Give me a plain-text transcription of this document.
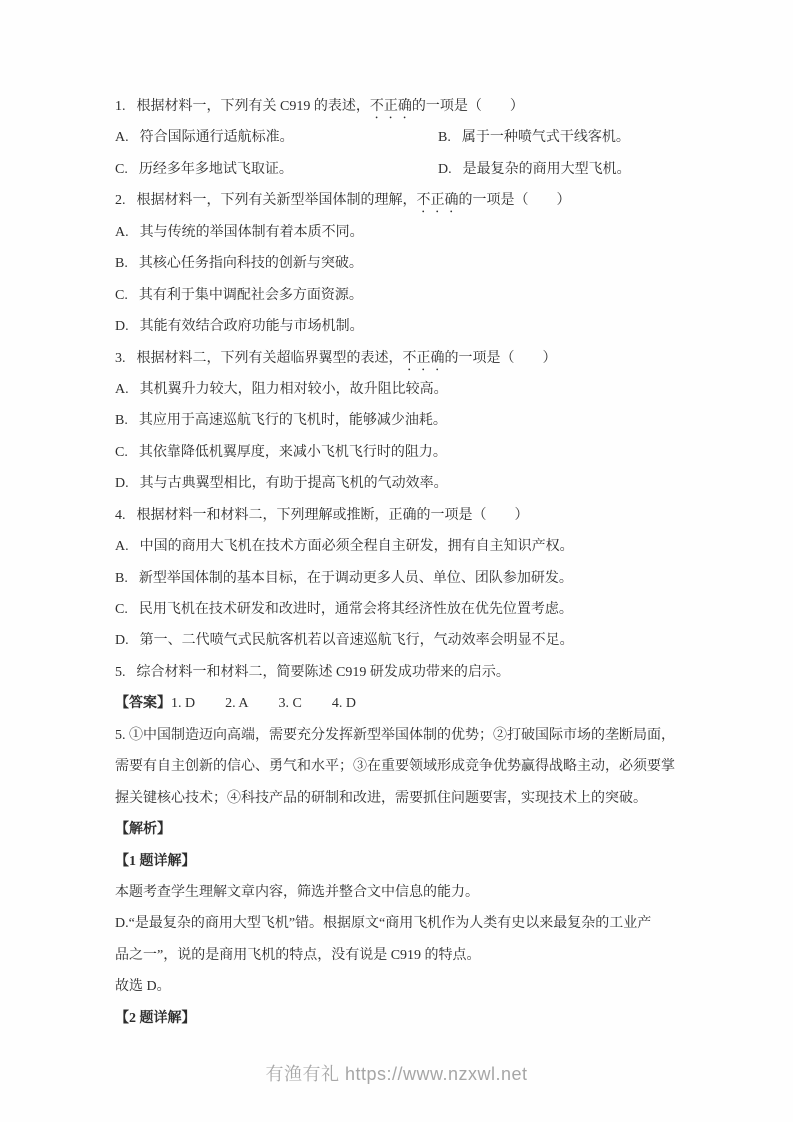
1. 根据材料一，下列有关 C919 的表述，不正确的一项是（　　）
A. 符合国际通行适航标准。	B. 属于一种喷气式干线客机。
C. 历经多年多地试飞取证。	D. 是最复杂的商用大型飞机。
2. 根据材料一，下列有关新型举国体制的理解，不正确的一项是（　　）
A. 其与传统的举国体制有着本质不同。
B. 其核心任务指向科技的创新与突破。
C. 其有利于集中调配社会多方面资源。
D. 其能有效结合政府功能与市场机制。
3. 根据材料二，下列有关超临界翼型的表述，不正确的一项是（　　）
A. 其机翼升力较大，阻力相对较小，故升阻比较高。
B. 其应用于高速巡航飞行的飞机时，能够减少油耗。
C. 其依靠降低机翼厚度，来减小飞机飞行时的阻力。
D. 其与古典翼型相比，有助于提高飞机的气动效率。
4. 根据材料一和材料二，下列理解或推断，正确的一项是（　　）
A. 中国的商用大飞机在技术方面必须全程自主研发，拥有自主知识产权。
B. 新型举国体制的基本目标，在于调动更多人员、单位、团队参加研发。
C. 民用飞机在技术研发和改进时，通常会将其经济性放在优先位置考虑。
D. 第一、二代喷气式民航客机若以音速巡航飞行，气动效率会明显不足。
5. 综合材料一和材料二，简要陈述 C919 研发成功带来的启示。
【答案】1. D 2. A 3. C 4. D
5. ①中国制造迈向高端，需要充分发挥新型举国体制的优势；②打破国际市场的垄断局面，
需要有自主创新的信心、勇气和水平；③在重要领域形成竞争优势赢得战略主动，必须要掌
握关键核心技术；④科技产品的研制和改进，需要抓住问题要害，实现技术上的突破。
【解析】
【1 题详解】
本题考查学生理解文章内容，筛选并整合文中信息的能力。
D.“是最复杂的商用大型飞机”错。根据原文“商用飞机作为人类有史以来最复杂的工业产
品之一”，说的是商用飞机的特点，没有说是 C919 的特点。
故选 D。
【2 题详解】
有渔有礼 https://www.nzxwl.net
